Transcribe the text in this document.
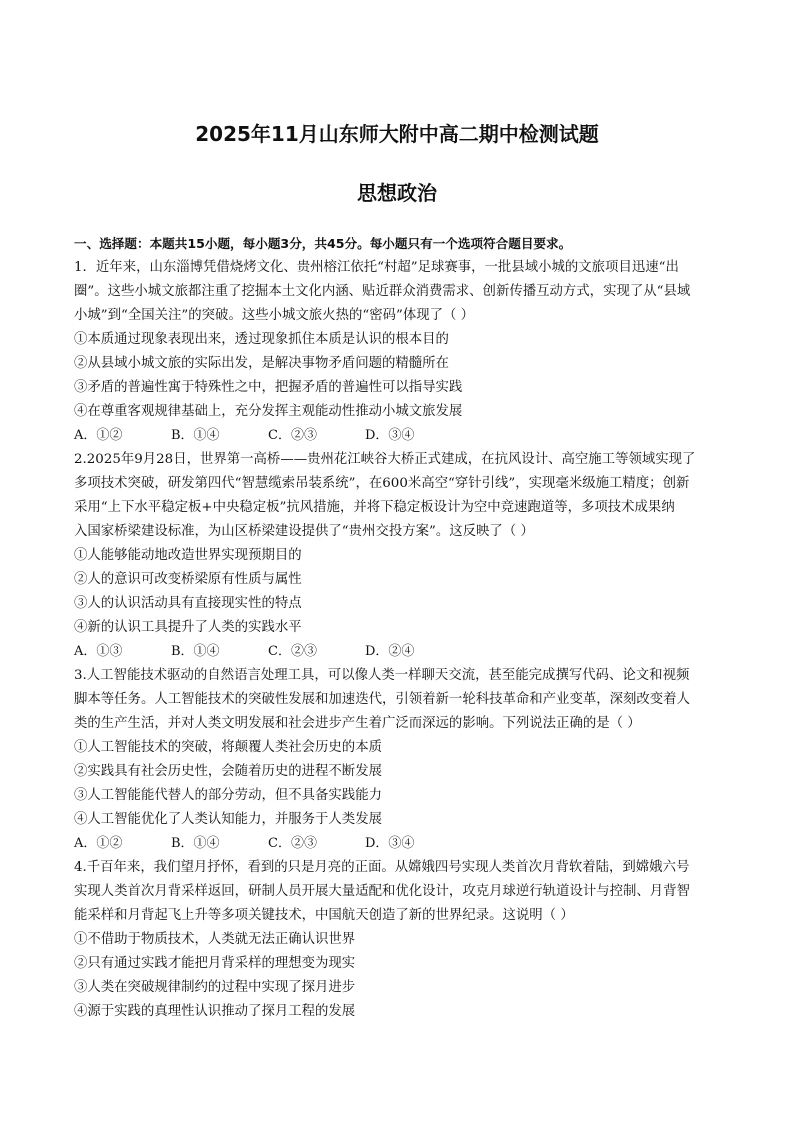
2025年11月山东师大附中高二期中检测试题
思想政治
一、选择题：本题共15小题，每小题3分，共45分。每小题只有一个选项符合题目要求。
1．近年来，山东淄博凭借烧烤文化、贵州榕江依托“村超”足球赛事，一批县域小城的文旅项目迅速“出
圈”。这些小城文旅都注重了挖掘本土文化内涵、贴近群众消费需求、创新传播互动方式，实现了从“县域
小城”到“全国关注”的突破。这些小城文旅火热的“密码”体现了（ ）
①本质通过现象表现出来，透过现象抓住本质是认识的根本目的
②从县域小城文旅的实际出发，是解决事物矛盾问题的精髓所在
③矛盾的普遍性寓于特殊性之中，把握矛盾的普遍性可以指导实践
④在尊重客观规律基础上，充分发挥主观能动性推动小城文旅发展
A．①②	B．①④	C．②③	D．③④
2.2025年9月28日，世界第一高桥——贵州花江峡谷大桥正式建成，在抗风设计、高空施工等领域实现了
多项技术突破，研发第四代“智慧缆索吊装系统”，在600米高空“穿针引线”，实现毫米级施工精度；创新
采用“上下水平稳定板+中央稳定板”抗风措施，并将下稳定板设计为空中竞速跑道等，多项技术成果纳
入国家桥梁建设标准，为山区桥梁建设提供了“贵州交投方案”。这反映了（ ）
①人能够能动地改造世界实现预期目的
②人的意识可改变桥梁原有性质与属性
③人的认识活动具有直接现实性的特点
④新的认识工具提升了人类的实践水平
A．①③	B．①④	C．②③	D．②④
3.人工智能技术驱动的自然语言处理工具，可以像人类一样聊天交流，甚至能完成撰写代码、论文和视频
脚本等任务。人工智能技术的突破性发展和加速迭代，引领着新一轮科技革命和产业变革，深刻改变着人
类的生产生活，并对人类文明发展和社会进步产生着广泛而深远的影响。下列说法正确的是（ ）
①人工智能技术的突破，将颠覆人类社会历史的本质
②实践具有社会历史性，会随着历史的进程不断发展
③人工智能能代替人的部分劳动，但不具备实践能力
④人工智能优化了人类认知能力，并服务于人类发展
A．①②	B．①④	C．②③	D．③④
4.千百年来，我们望月抒怀，看到的只是月亮的正面。从嫦娥四号实现人类首次月背软着陆，到嫦娥六号
实现人类首次月背采样返回，研制人员开展大量适配和优化设计，攻克月球逆行轨道设计与控制、月背智
能采样和月背起飞上升等多项关键技术，中国航天创造了新的世界纪录。这说明（ ）
①不借助于物质技术，人类就无法正确认识世界
②只有通过实践才能把月背采样的理想变为现实
③人类在突破规律制约的过程中实现了探月进步
④源于实践的真理性认识推动了探月工程的发展
